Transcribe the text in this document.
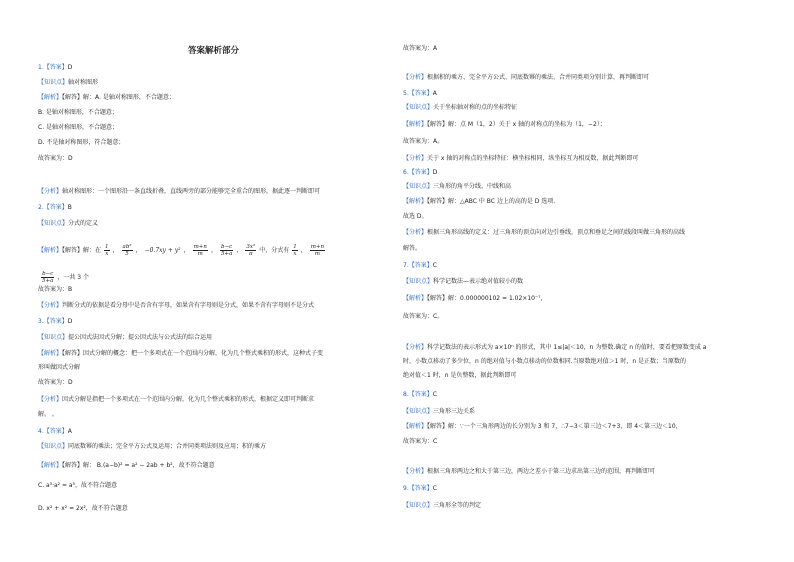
答案解析部分
1.【答案】D
【知识点】轴对称图形
【解析】【解答】解：A. 是轴对称图形，不合题意；
B. 是轴对称图形，不合题意；
C. 是轴对称图形，不合题意；
D. 不是轴对称图形，符合题意；
故答案为：D
【分析】轴对称图形：一个图形沿一条直线折叠，直线两旁的部分能够完全重合的图形，据此逐一判断即可
2.【答案】B
【知识点】分式的定义
【解析】【解答】解：在 $\frac{1}{x}$ ， $\frac{\text{ab²}}{5}$ ， −0.7xy + y² ， $\frac{m+n}{m}$ ， $\frac{b-c}{5+a}$ ， $\frac{\text{3x²}}{\pi}$ 中，分式有 $\frac{1}{x}$ ， $\frac{m+n}{m}$
$\frac{b-c}{5+a}$ ，一共 3 个
故答案为：B
【分析】判断分式的依据是看分母中是否含有字母，如果含有字母则是分式，如果不含有字母则不是分式
3.【答案】D
【知识点】提公因式法因式分解；提公因式法与公式法的综合运用
【解析】【解答】因式分解的概念：把一个多项式在一个范围内分解，化为几个整式乘积的形式，这种式子变
形叫做因式分解
故答案为：D
【分析】因式分解是指把一个多项式在一个范围内分解，化为几个整式乘积的形式，根据定义即可判断求
解。 。
4.【答案】A
【知识点】同底数幂的乘法；完全平方公式及运用；合并同类项法则及应用；积的乘方
【解析】【解答】解： B.(a−b)² = a² − 2ab + b²，故不符合题意
C. a³·a² = a⁵，故不符合题意
D. x² + x² = 2x²，故不符合题意
故答案为：A
【分析】根据积的乘方、完全平方公式、同底数幂的乘法、合并同类项分别计算，再判断即可
5.【答案】A
【知识点】关于坐标轴对称的点的坐标特征
【解析】【解答】解：点 M（1，2）关于 x 轴的对称点的坐标为（1，−2）；
故答案为：A。
【分析】关于 x 轴的对称点的坐标特征：横坐标相同，纵坐标互为相反数，据此判断即可
6.【答案】D
【知识点】三角形的角平分线、中线和高
【解析】【解答】解：△ABC 中 BC 边上的高的是 D 选项.
故选 D。
【分析】根据三角形高线的定义：过三角形的顶点向对边引垂线，顶点和垂足之间的线段叫做三角形的高线
解答。
7.【答案】C
【知识点】科学记数法—表示绝对值较小的数
【解析】【解答】解：0.000000102 = 1.02×10⁻⁷，
故答案为：C。
【分析】科学记数法的表示形式为 a×10ⁿ 的形式，其中 1≤|a|＜10，n 为整数.确定 n 的值时，要看把原数变成 a
时，小数点移动了多少位，n 的绝对值与小数点移动的位数相同.当原数绝对值＞1 时，n 是正数；当原数的
绝对值＜1 时，n 是负整数，据此判断即可
8.【答案】C
【知识点】三角形三边关系
【解析】【解答】解：∵一个三角形两边的长分别为 3 和 7，∴7−3＜第三边＜7+3，即 4＜第三边＜10，
故答案为：C
【分析】根据三角形两边之和大于第三边，两边之差小于第三边求出第三边的范围，再判断即可
9.【答案】C
【知识点】三角形全等的判定
